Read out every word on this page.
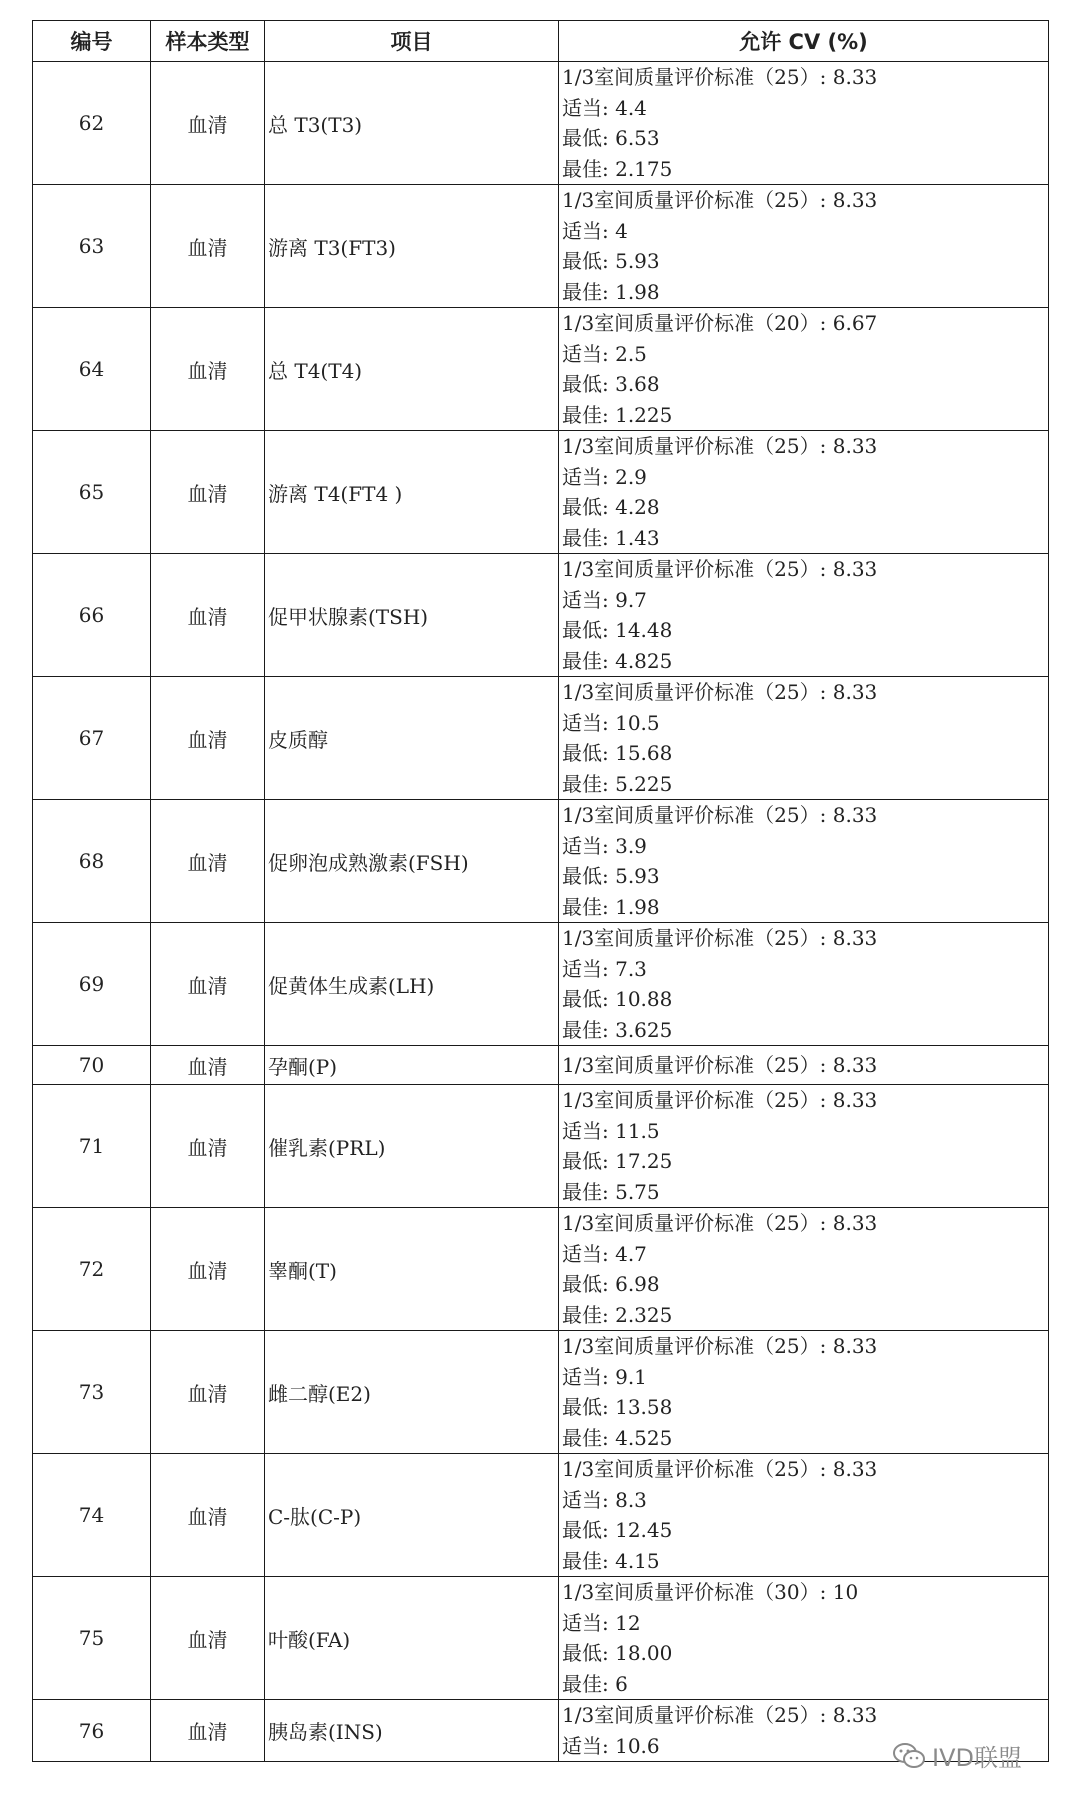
编号	样本类型	项目	允许 CV (%)
62	血清	总 T3(T3)	1/3室间质量评价标准（25）: 8.33
适当: 4.4
最低: 6.53
最佳: 2.175

63	血清	游离 T3(FT3)	1/3室间质量评价标准（25）: 8.33
适当: 4
最低: 5.93
最佳: 1.98

64	血清	总 T4(T4)	1/3室间质量评价标准（20）: 6.67
适当: 2.5
最低: 3.68
最佳: 1.225

65	血清	游离 T4(FT4 )	1/3室间质量评价标准（25）: 8.33
适当: 2.9
最低: 4.28
最佳: 1.43

66	血清	促甲状腺素(TSH)	1/3室间质量评价标准（25）: 8.33
适当: 9.7
最低: 14.48
最佳: 4.825

67	血清	皮质醇	1/3室间质量评价标准（25）: 8.33
适当: 10.5
最低: 15.68
最佳: 5.225

68	血清	促卵泡成熟激素(FSH)	1/3室间质量评价标准（25）: 8.33
适当: 3.9
最低: 5.93
最佳: 1.98

69	血清	促黄体生成素(LH)	1/3室间质量评价标准（25）: 8.33
适当: 7.3
最低: 10.88
最佳: 3.625

70	血清	孕酮(P)	1/3室间质量评价标准（25）: 8.33

71	血清	催乳素(PRL)	1/3室间质量评价标准（25）: 8.33
适当: 11.5
最低: 17.25
最佳: 5.75

72	血清	睾酮(T)	1/3室间质量评价标准（25）: 8.33
适当: 4.7
最低: 6.98
最佳: 2.325

73	血清	雌二醇(E2)	1/3室间质量评价标准（25）: 8.33
适当: 9.1
最低: 13.58
最佳: 4.525

74	血清	C-肽(C-P)	1/3室间质量评价标准（25）: 8.33
适当: 8.3
最低: 12.45
最佳: 4.15

75	血清	叶酸(FA)	1/3室间质量评价标准（30）: 10
适当: 12
最低: 18.00
最佳: 6

76	血清	胰岛素(INS)	1/3室间质量评价标准（25）: 8.33
适当: 10.6	IVD联盟
